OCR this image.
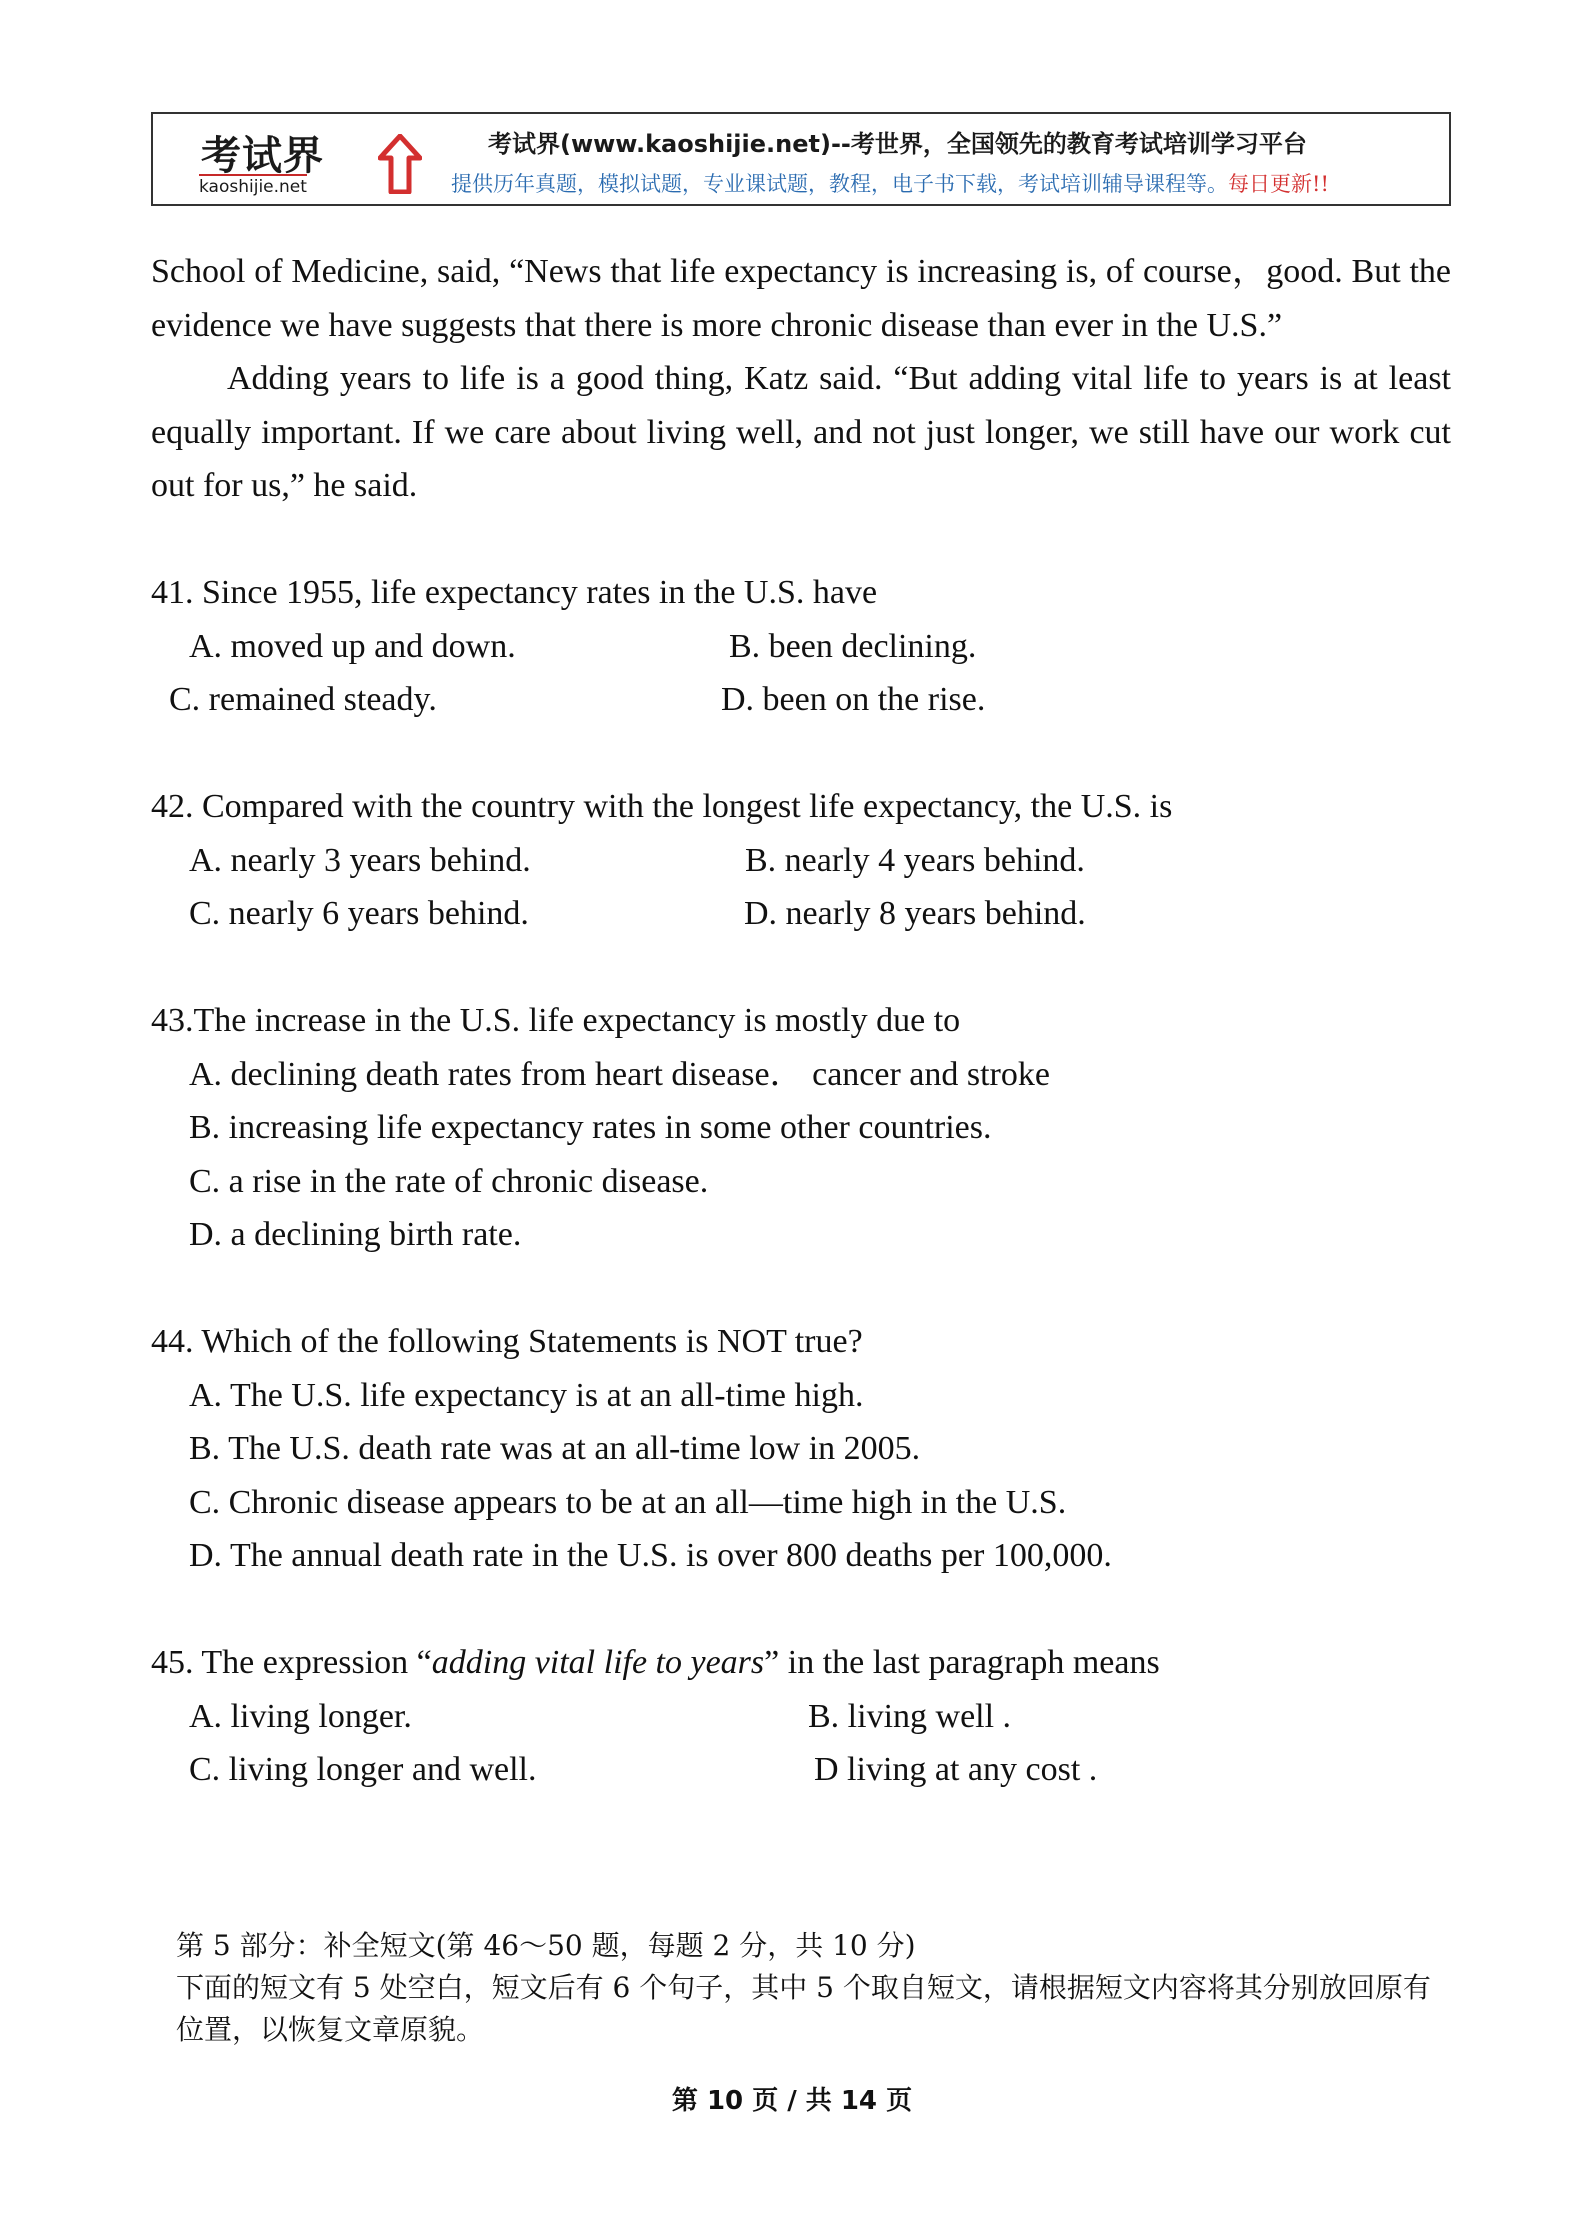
考试界
kaoshijie.net
考试界(www.kaoshijie.net)--考世界，全国领先的教育考试培训学习平台
提供历年真题，模拟试题，专业课试题，教程，电子书下载，考试培训辅导课程等。每日更新!!

School of Medicine, said, “News that life expectancy is increasing is, of course，good. But the evidence we have suggests that there is more chronic disease than ever in the U.S.”

Adding years to life is a good thing, Katz said. “But adding vital life to years is at least equally important. If we care about living well, and not just longer, we still have our work cut out for us,” he said.

41. Since 1955, life expectancy rates in the U.S. have

A. moved up and down.	B. been declining.
C. remained steady.	D. been on the rise.

42. Compared with the country with the longest life expectancy, the U.S. is

A. nearly 3 years behind.	B. nearly 4 years behind.
C. nearly 6 years behind.	D. nearly 8 years behind.

43.The increase in the U.S. life expectancy is mostly due to

A. declining death rates from heart disease． cancer and stroke

B. increasing life expectancy rates in some other countries.

C. a rise in the rate of chronic disease.

D. a declining birth rate.

44. Which of the following Statements is NOT true?

A. The U.S. life expectancy is at an all-time high.

B. The U.S. death rate was at an all-time low in 2005.

C. Chronic disease appears to be at an all—time high in the U.S.

D. The annual death rate in the U.S. is over 800 deaths per 100,000.

45. The expression “adding vital life to years” in the last paragraph means

A. living longer.	B. living well .
C. living longer and well.	D living at any cost .

第 5 部分：补全短文(第 46～50 题，每题 2 分，共 10 分)

下面的短文有 5 处空白，短文后有 6 个句子，其中 5 个取自短文，请根据短文内容将其分别放回原有位置，以恢复文章原貌。

第 10 页 / 共 14 页
